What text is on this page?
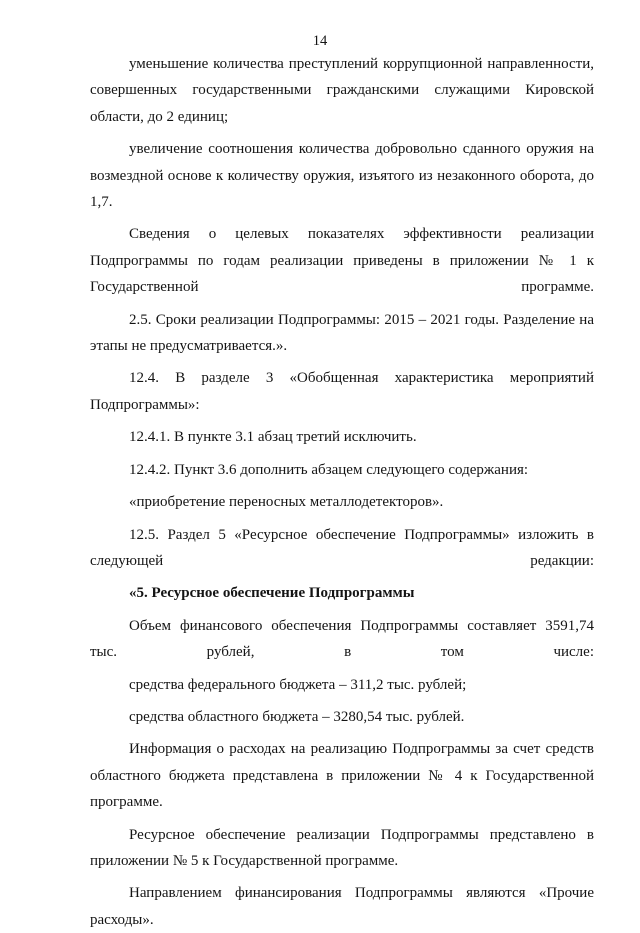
14

уменьшение количества преступлений коррупционной направленности, совершенных государственными гражданскими служащими Кировской области, до 2 единиц;

увеличение соотношения количества добровольно сданного оружия на возмездной основе к количеству оружия, изъятого из незаконного оборота, до 1,7.

Сведения о целевых показателях эффективности реализации Подпрограммы по годам реализации приведены в приложении № 1 к Государственной программе.

2.5. Сроки реализации Подпрограммы: 2015 – 2021 годы. Разделение на этапы не предусматривается.».

12.4. В разделе 3 «Обобщенная характеристика мероприятий Подпрограммы»:

12.4.1. В пункте 3.1 абзац третий исключить.

12.4.2. Пункт 3.6 дополнить абзацем следующего содержания:

«приобретение переносных металлодетекторов».

12.5. Раздел 5 «Ресурсное обеспечение Подпрограммы» изложить в следующей редакции:

«5. Ресурсное обеспечение Подпрограммы

Объем финансового обеспечения Подпрограммы составляет 3591,74 тыс. рублей, в том числе:

средства федерального бюджета – 311,2 тыс. рублей;

средства областного бюджета – 3280,54 тыс. рублей.

Информация о расходах на реализацию Подпрограммы за счет средств областного бюджета представлена в приложении № 4 к Государственной программе.

Ресурсное обеспечение реализации Подпрограммы представлено в приложении № 5 к Государственной программе.

Направлением финансирования Подпрограммы являются «Прочие расходы».
